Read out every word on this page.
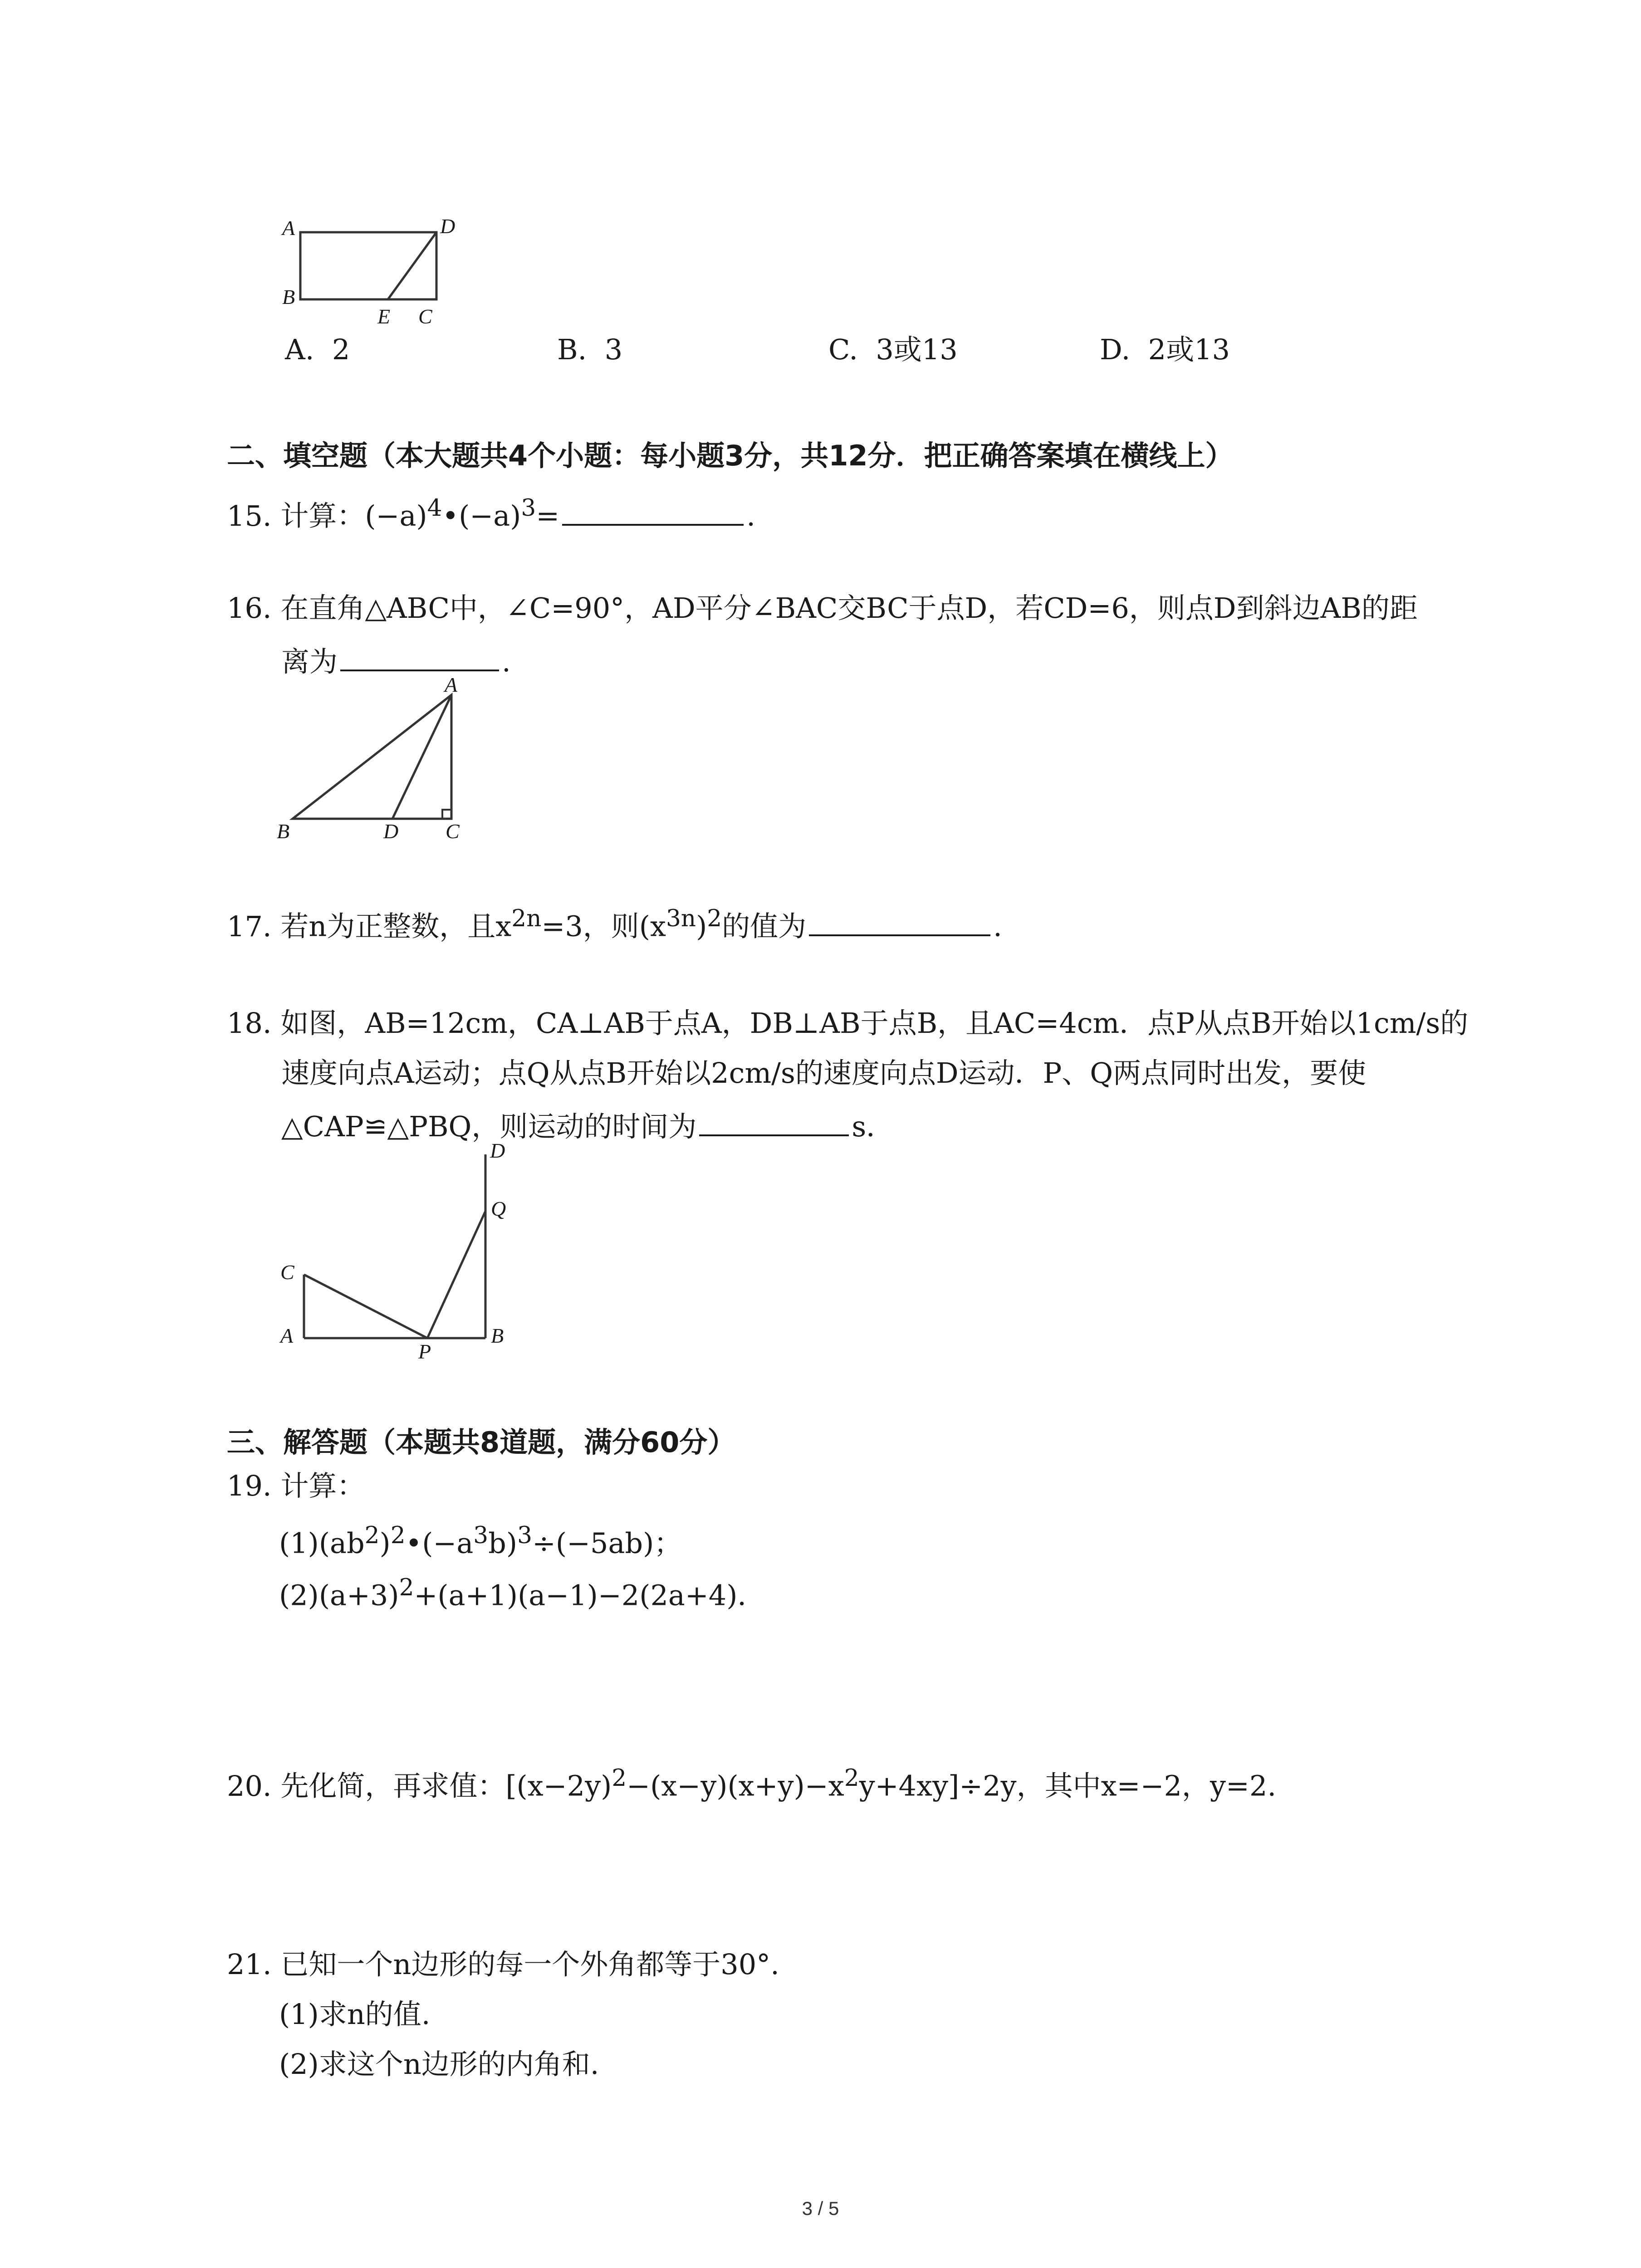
A	D
B
E C
A. 2	B. 3	C. 3或13	D. 2或13
二、填空题（本大题共4个小题：每小题3分，共12分．把正确答案填在横线上）
15. 计算：$(-a)^4•(-a)^3=$	.
16. 在直角△ABC中，∠C=90°，AD平分∠BAC交BC于点D，若CD=6，则点D到斜边AB的距
离为	.
A
B	D C
17. 若n为正整数，且$x^{2n}=3$，则$(x^{3n})^2$的值为	.
18. 如图，AB=12cm，CA⊥AB于点A，DB⊥AB于点B，且AC=4cm．点P从点B开始以1cm/s的
速度向点A运动；点Q从点B开始以2cm/s的速度向点D运动．P、Q两点同时出发，要使
△CAP≌△PBQ，则运动的时间为	s．
D
Q
C
A
P
B
三、解答题（本题共8道题，满分60分）
19. 计算：
$(1)(ab^2)^2•(-a^3b)^3\div(-5ab)$；
$(2)(a+3)^2+(a+1)(a-1)-2(2a+4)$．
20. 先化简，再求值：$[(x-2y)^2-(x-y)(x+y)-x^2y+4xy]\div 2y$，其中x=−2，y=2.
21. 已知一个n边形的每一个外角都等于30°.
(1)求n的值.
(2)求这个n边形的内角和.
3 / 5
